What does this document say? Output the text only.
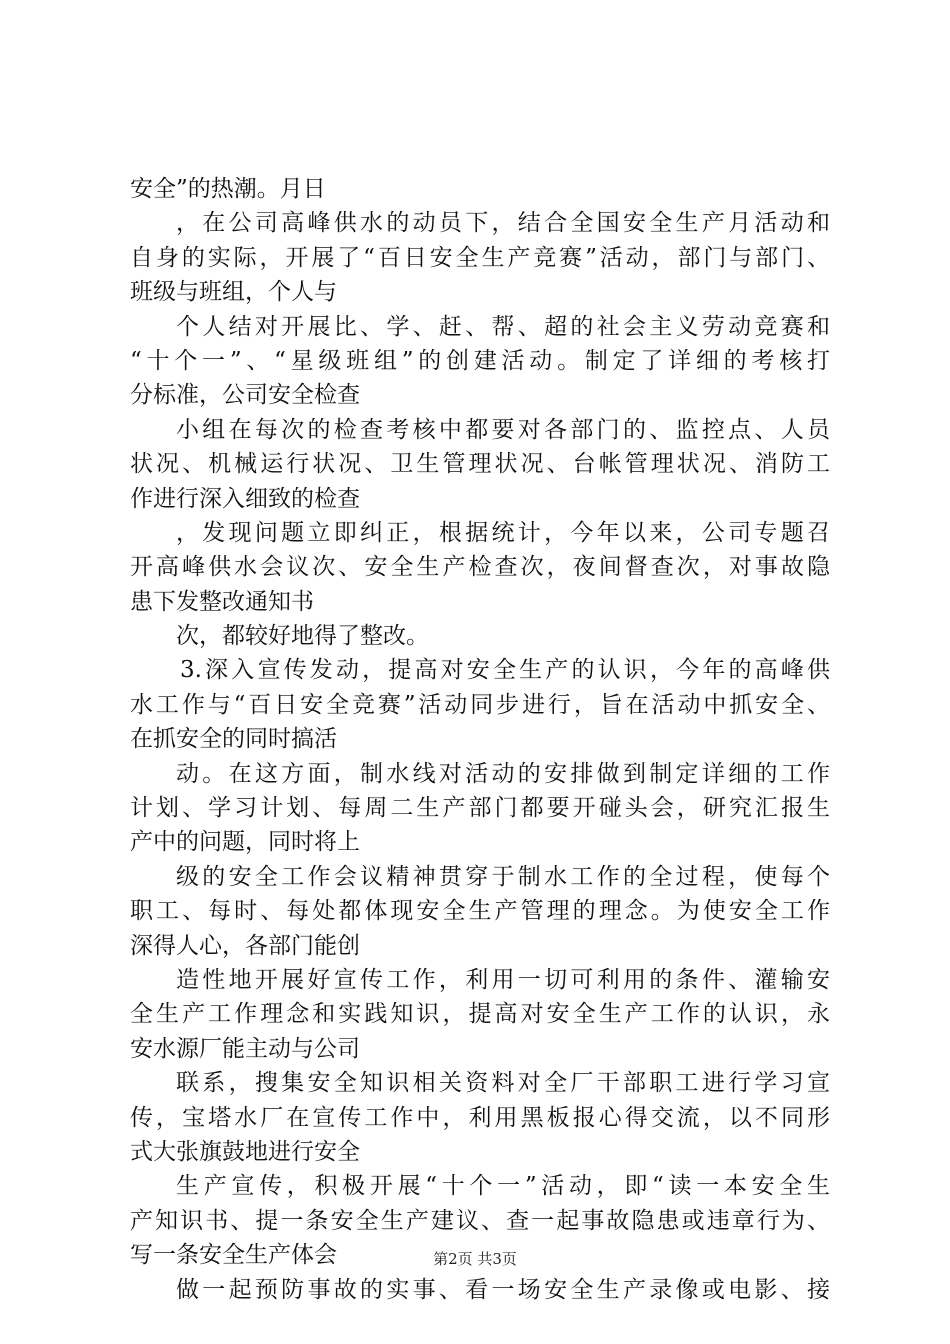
安全”的热潮。月日
，在公司高峰供水的动员下，结合全国安全生产月活动和
自身的实际，开展了“百日安全生产竞赛”活动，部门与部门、
班级与班组，个人与
个人结对开展比、学、赶、帮、超的社会主义劳动竞赛和
“十个一”、“星级班组”的创建活动。制定了详细的考核打
分标准，公司安全检查
小组在每次的检查考核中都要对各部门的、监控点、人员
状况、机械运行状况、卫生管理状况、台帐管理状况、消防工
作进行深入细致的检查
，发现问题立即纠正，根据统计，今年以来，公司专题召
开高峰供水会议次、安全生产检查次，夜间督查次，对事故隐
患下发整改通知书
次，都较好地得了整改。
3.深入宣传发动，提高对安全生产的认识，今年的高峰供
水工作与“百日安全竞赛”活动同步进行，旨在活动中抓安全、
在抓安全的同时搞活
动。在这方面，制水线对活动的安排做到制定详细的工作
计划、学习计划、每周二生产部门都要开碰头会，研究汇报生
产中的问题，同时将上
级的安全工作会议精神贯穿于制水工作的全过程，使每个
职工、每时、每处都体现安全生产管理的理念。为使安全工作
深得人心，各部门能创
造性地开展好宣传工作，利用一切可利用的条件、灌输安
全生产工作理念和实践知识，提高对安全生产工作的认识，永
安水源厂能主动与公司
联系，搜集安全知识相关资料对全厂干部职工进行学习宣
传，宝塔水厂在宣传工作中，利用黑板报心得交流，以不同形
式大张旗鼓地进行安全
生产宣传，积极开展“十个一”活动，即“读一本安全生
产知识书、提一条安全生产建议、查一起事故隐患或违章行为、
写一条安全生产体会
做一起预防事故的实事、看一场安全生产录像或电影、接
第2页 共3页
